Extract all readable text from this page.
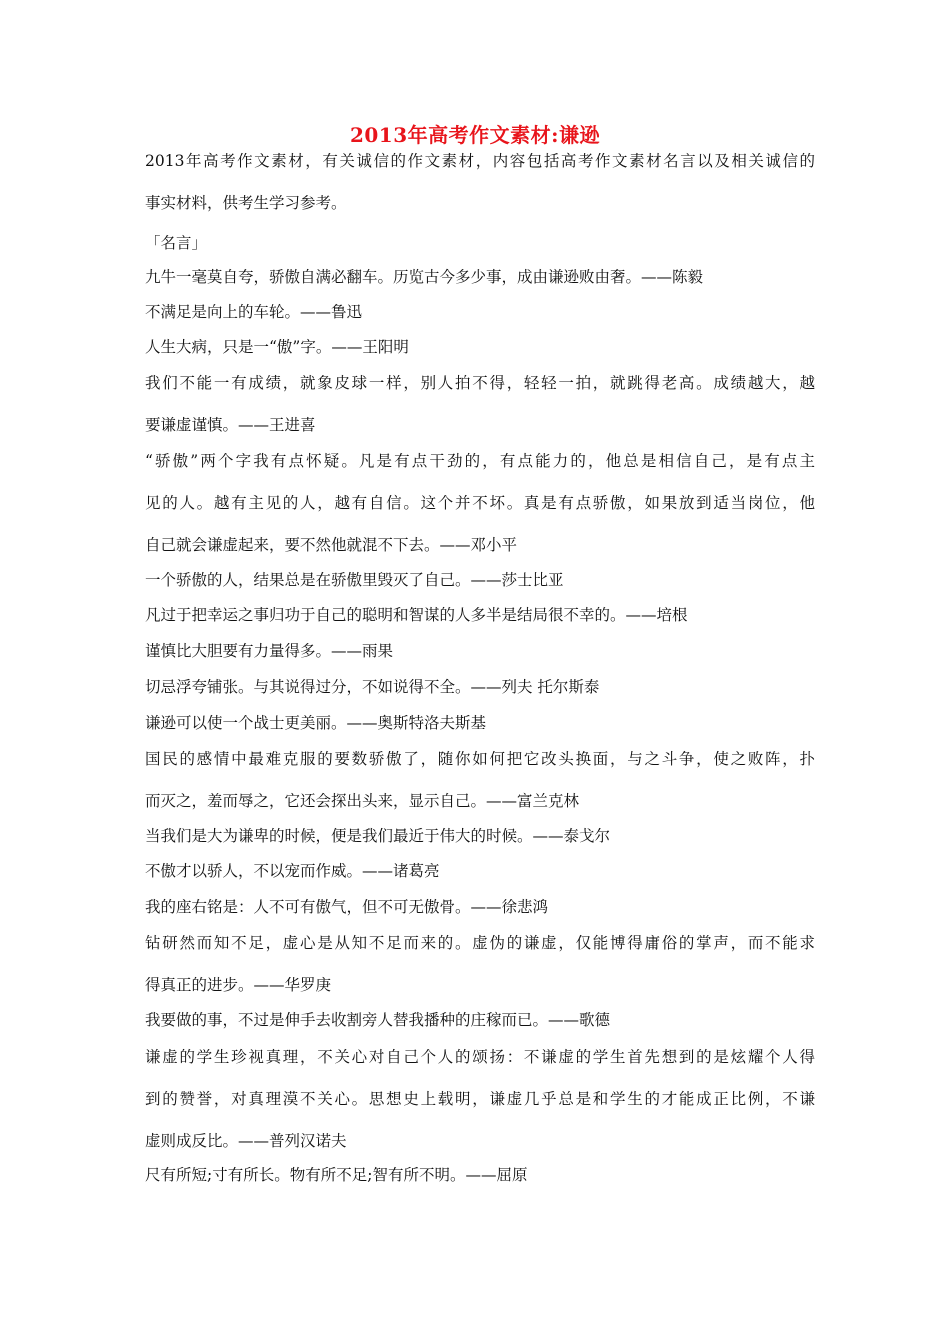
2013年高考作文素材:谦逊
2013年高考作文素材，有关诚信的作文素材，内容包括高考作文素材名言以及相关诚信的
事实材料，供考生学习参考。
「名言」
九牛一毫莫自夸，骄傲自满必翻车。历览古今多少事，成由谦逊败由奢。——陈毅
不满足是向上的车轮。——鲁迅
人生大病，只是一“傲”字。——王阳明
我们不能一有成绩，就象皮球一样，别人拍不得，轻轻一拍，就跳得老高。成绩越大，越
要谦虚谨慎。——王进喜
“骄傲”两个字我有点怀疑。凡是有点干劲的，有点能力的，他总是相信自己，是有点主
见的人。越有主见的人，越有自信。这个并不坏。真是有点骄傲，如果放到适当岗位，他
自己就会谦虚起来，要不然他就混不下去。——邓小平
一个骄傲的人，结果总是在骄傲里毁灭了自己。——莎士比亚
凡过于把幸运之事归功于自己的聪明和智谋的人多半是结局很不幸的。——培根
谨慎比大胆要有力量得多。——雨果
切忌浮夸铺张。与其说得过分，不如说得不全。——列夫 托尔斯泰
谦逊可以使一个战士更美丽。——奥斯特洛夫斯基
国民的感情中最难克服的要数骄傲了，随你如何把它改头换面，与之斗争，使之败阵，扑
而灭之，羞而辱之，它还会探出头来，显示自己。——富兰克林
当我们是大为谦卑的时候，便是我们最近于伟大的时候。——泰戈尔
不傲才以骄人，不以宠而作威。——诸葛亮
我的座右铭是：人不可有傲气，但不可无傲骨。——徐悲鸿
钻研然而知不足，虚心是从知不足而来的。虚伪的谦虚，仅能博得庸俗的掌声，而不能求
得真正的进步。——华罗庚
我要做的事，不过是伸手去收割旁人替我播种的庄稼而已。——歌德
谦虚的学生珍视真理，不关心对自己个人的颂扬：不谦虚的学生首先想到的是炫耀个人得
到的赞誉，对真理漠不关心。思想史上载明，谦虚几乎总是和学生的才能成正比例，不谦
虚则成反比。——普列汉诺夫
尺有所短;寸有所长。物有所不足;智有所不明。——屈原
